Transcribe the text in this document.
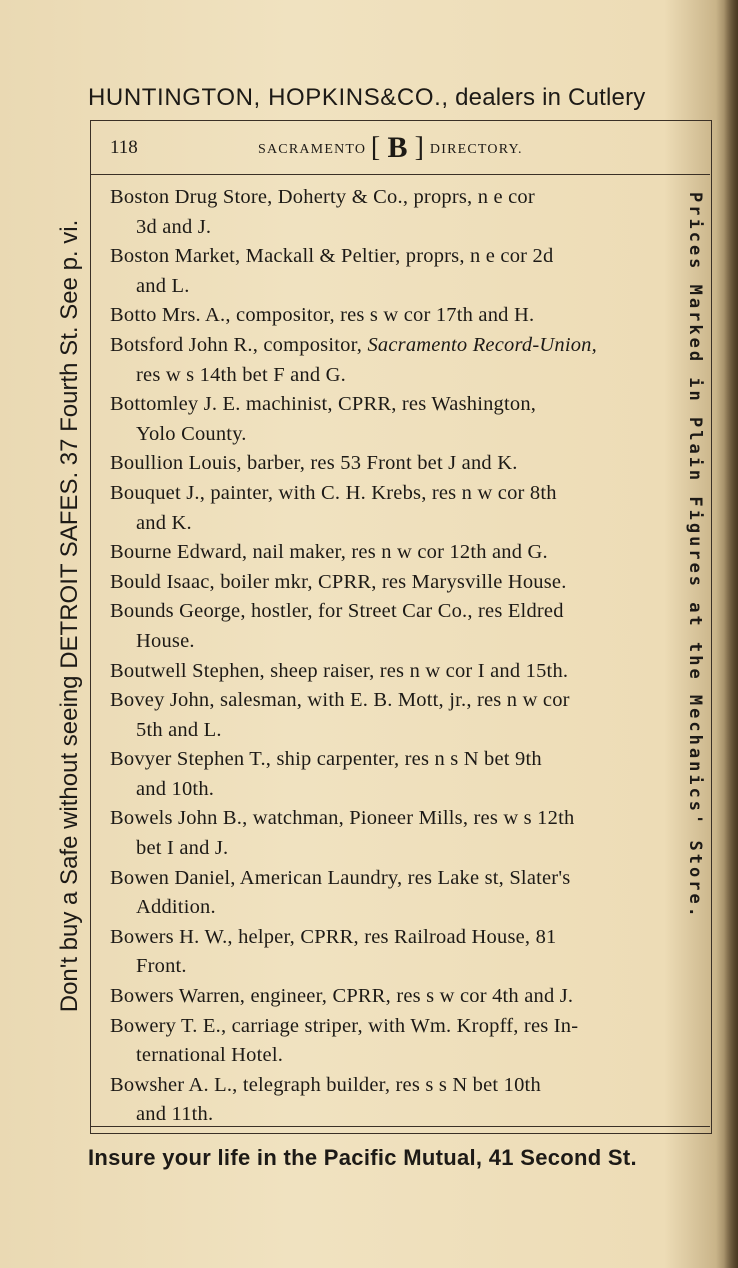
HUNTINGTON, HOPKINS&CO., dealers in Cutlery
Don't buy a Safe without seeing DETROIT SAFES. 37 Fourth St. See p. vi.	Prices Marked in Plain Figures at the Mechanics' Store.
118	SACRAMENTO [ B ] DIRECTORY.
Boston Drug Store, Doherty & Co., proprs, n e cor
3d and J.
Boston Market, Mackall & Peltier, proprs, n e cor 2d
and L.
Botto Mrs. A., compositor, res s w cor 17th and H.
Botsford John R., compositor, Sacramento Record-Union,
res w s 14th bet F and G.
Bottomley J. E. machinist, CPRR, res Washington,
Yolo County.
Boullion Louis, barber, res 53 Front bet J and K.
Bouquet J., painter, with C. H. Krebs, res n w cor 8th
and K.
Bourne Edward, nail maker, res n w cor 12th and G.
Bould Isaac, boiler mkr, CPRR, res Marysville House.
Bounds George, hostler, for Street Car Co., res Eldred
House.
Boutwell Stephen, sheep raiser, res n w cor I and 15th.
Bovey John, salesman, with E. B. Mott, jr., res n w cor
5th and L.
Bovyer Stephen T., ship carpenter, res n s N bet 9th
and 10th.
Bowels John B., watchman, Pioneer Mills, res w s 12th
bet I and J.
Bowen Daniel, American Laundry, res Lake st, Slater's
Addition.
Bowers H. W., helper, CPRR, res Railroad House, 81
Front.
Bowers Warren, engineer, CPRR, res s w cor 4th and J.
Bowery T. E., carriage striper, with Wm. Kropff, res In-
ternational Hotel.
Bowsher A. L., telegraph builder, res s s N bet 10th
and 11th.
Insure your life in the Pacific Mutual, 41 Second St.
